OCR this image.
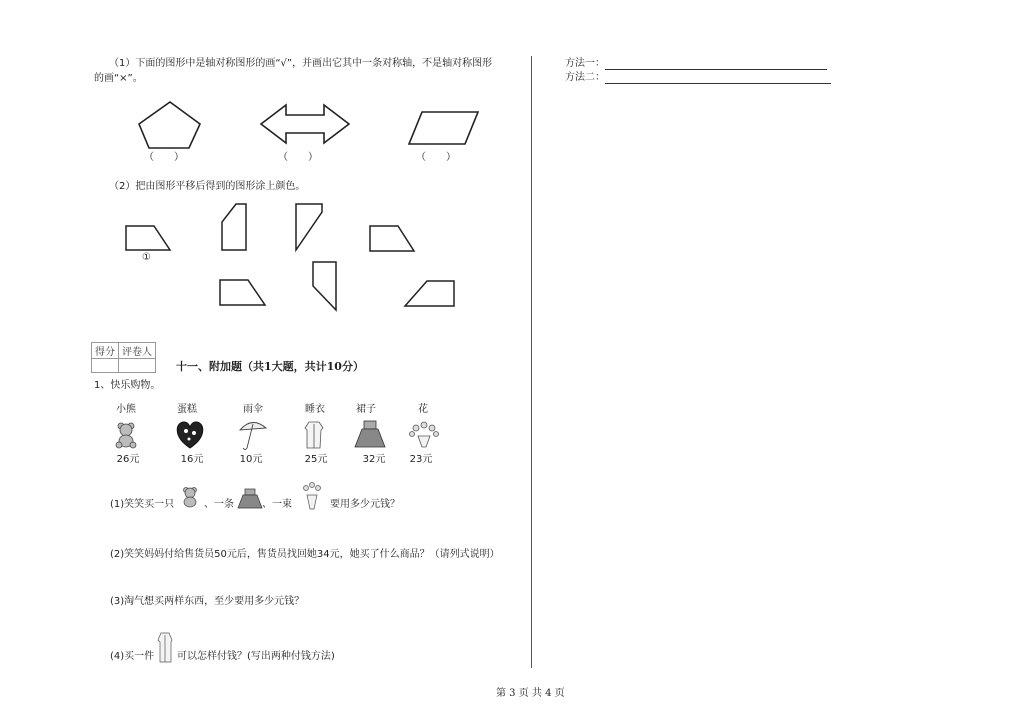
（1）下面的图形中是轴对称图形的画“√”，并画出它其中一条对称轴，不是轴对称图形
的画“×”。
（　　）	（　　）	（　　）
（2）把由图形平移后得到的图形涂上颜色。
①
得分	评卷人

十一、附加题（共1大题，共计10分）
1、快乐购物。
小熊	蛋糕	雨伞	睡衣	裙子	花
26元	16元	10元	25元	32元	23元
(1)笑笑买一只	、一条	、一束	要用多少元钱？
(2)笑笑妈妈付给售货员50元后，售货员找回她34元，她买了什么商品？（请列式说明）
(3)淘气想买两样东西，至少要用多少元钱？
(4)买一件 可以怎样付钱？(写出两种付钱方法)
方法一：
方法二：
第 3 页 共 4 页
